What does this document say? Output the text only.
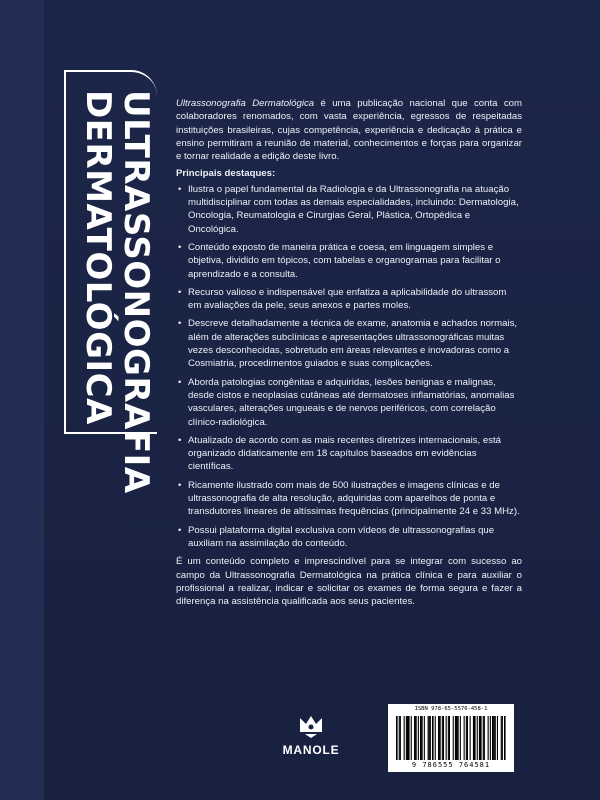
ULTRASSONOGRAFIA
DERMATOLÓGICA	Ultrassonografia Dermatológica é uma publicação nacional que conta com colaboradores renomados, com vasta experiência, egressos de respeitadas instituições brasileiras, cujas competência, experiência e dedicação à prática e ensino permitiram a reunião de material, conhecimentos e forças para organizar e tornar realidade a edição deste livro.

Principais destaques:

• Ilustra o papel fundamental da Radiologia e da Ultrassonografia na atuação multidisciplinar com todas as demais especialidades, incluindo: Dermatologia, Oncologia, Reumatologia e Cirurgias Geral, Plástica, Ortopédica e Oncológica.
• Conteúdo exposto de maneira prática e coesa, em linguagem simples e objetiva, dividido em tópicos, com tabelas e organogramas para facilitar o aprendizado e a consulta.
• Recurso valioso e indispensável que enfatiza a aplicabilidade do ultrassom em avaliações da pele, seus anexos e partes moles.
• Descreve detalhadamente a técnica de exame, anatomia e achados normais, além de alterações subclínicas e apresentações ultrassonográficas muitas vezes desconhecidas, sobretudo em áreas relevantes e inovadoras como a Cosmiatria, procedimentos guiados e suas complicações.
• Aborda patologias congênitas e adquiridas, lesões benignas e malignas, desde cistos e neoplasias cutâneas até dermatoses inflamatórias, anomalias vasculares, alterações ungueais e de nervos periféricos, com correlação clínico-radiológica.
• Atualizado de acordo com as mais recentes diretrizes internacionais, está organizado didaticamente em 18 capítulos baseados em evidências científicas.
• Ricamente ilustrado com mais de 500 ilustrações e imagens clínicas e de ultrassonografia de alta resolução, adquiridas com aparelhos de ponta e transdutores lineares de altíssimas frequências (principalmente 24 e 33 MHz).
• Possui plataforma digital exclusiva com vídeos de ultrassonografias que auxiliam na assimilação do conteúdo.

É um conteúdo completo e imprescindível para se integrar com sucesso ao campo da Ultrassonografia Dermatológica na prática clínica e para auxiliar o profissional a realizar, indicar e solicitar os exames de forma segura e fazer a diferença na assistência qualificada aos seus pacientes.

MANOLE
ISBN 978-65-5576-458-1
9 786555 764581
